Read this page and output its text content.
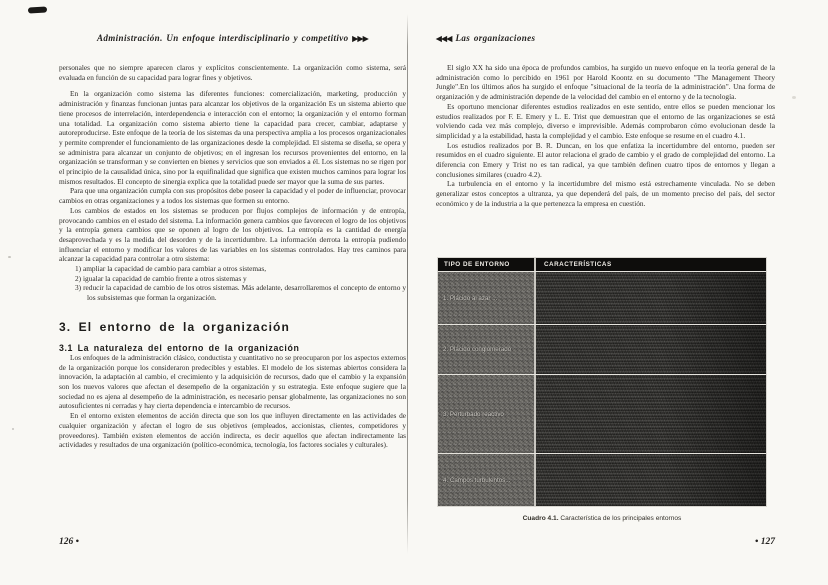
Administración. Un enfoque interdisciplinario y competitivo ▶▶▶

personales que no siempre aparecen claros y explícitos conscientemente. La organización como sistema, será evaluada en función de su capacidad para lograr fines y objetivos.

En la organización como sistema las diferentes funciones: comercialización, marketing, producción y administración y finanzas funcionan juntas para alcanzar los objetivos de la organización Es un sistema abierto que tiene procesos de interrelación, interdependencia e interacción con el entorno; la organización y el entorno forman una totalidad. La organización como sistema abierto tiene la capacidad para crecer, cambiar, adaptarse y autoreproducirse. Este enfoque de la teoría de los sistemas da una perspectiva amplia a los procesos organizacionales y permite comprender el funcionamiento de las organizaciones desde la complejidad. El sistema se diseña, se opera y se administra para alcanzar un conjunto de objetivos; en el ingresan los recursos provenientes del entorno, en la organización se transforman y se convierten en bienes y servicios que son enviados a él. Los sistemas no se rigen por el principio de la causalidad única, sino por la equifinalidad que significa que existen muchos caminos para lograr los mismos resultados. El concepto de sinergia explica que la totalidad puede ser mayor que la suma de sus partes.

Para que una organización cumpla con sus propósitos debe poseer la capacidad y el poder de influenciar, provocar cambios en otras organizaciones y a todos los sistemas que formen su entorno.

Los cambios de estados en los sistemas se producen por flujos complejos de información y de entropía, provocando cambios en el estado del sistema. La información genera cambios que favorecen el logro de los objetivos y la entropía genera cambios que se oponen al logro de los objetivos. La entropía es la cantidad de energía desaprovechada y es la medida del desorden y de la incertidumbre. La información derrota la entropía pudiendo influenciar el entorno y modificar los valores de las variables en los sistemas controlados. Hay tres caminos para alcanzar la capacidad para controlar a otro sistema:

1) ampliar la capacidad de cambio para cambiar a otros sistemas,
2) igualar la capacidad de cambio frente a otros sistemas y
3) reducir la capacidad de cambio de los otros sistemas. Más adelante, desarrollaremos el concepto de entorno y los subsistemas que forman la organización.
3. El entorno de la organización
3.1 La naturaleza del entorno de la organización

Los enfoques de la administración clásico, conductista y cuantitativo no se preocuparon por los aspectos externos de la organización porque los consideraron predecibles y estables. El modelo de los sistemas abiertos considera la innovación, la adaptación al cambio, el crecimiento y la adquisición de recursos, dado que el cambio y la expansión son los nuevos valores que afectan el desempeño de la organización y su estrategia. Este enfoque sugiere que la sociedad no es ajena al desempeño de la administración, es necesario pensar globalmente, las organizaciones no son autosuficientes ni cerradas y hay cierta dependencia e intercambio de recursos.

En el entorno existen elementos de acción directa que son los que influyen directamente en las actividades de cualquier organización y afectan el logro de sus objetivos (empleados, accionistas, clientes, competidores y proveedores). También existen elementos de acción indirecta, es decir aquellos que afectan indirectamente las actividades y resultados de una organización (político-económica, tecnología, los factores sociales y culturales).

◀◀◀ Las organizaciones

El siglo XX ha sido una época de profundos cambios, ha surgido un nuevo enfoque en la teoría general de la administración como lo percibido en 1961 por Harold Koontz en su documento "The Management Theory Jungle".En los últimos años ha surgido el enfoque "situacional de la teoría de la administración". Una forma de organización y de administración depende de la velocidad del cambio en el entorno y de la tecnología.

Es oportuno mencionar diferentes estudios realizados en este sentido, entre ellos se pueden mencionar los estudios realizados por F. E. Emery y L. E. Trist que demuestran que el entorno de las organizaciones se está volviendo cada vez más complejo, diverso e imprevisible. Además comprobaron cómo evolucionan desde la simplicidad y a la estabilidad, hasta la complejidad y el cambio. Este enfoque se resume en el cuadro 4.1.

Los estudios realizados por B. R. Duncan, en los que enfatiza la incertidumbre del entorno, pueden ser resumidos en el cuadro siguiente. El autor relaciona el grado de cambio y el grado de complejidad del entorno. La diferencia con Emery y Trist no es tan radical, ya que también definen cuatro tipos de entornos y llegan a conclusiones similares (cuadro 4.2).

La turbulencia en el entorno y la incertidumbre del mismo está estrechamente vinculada. No se deben generalizar estos conceptos a ultranza, ya que dependerá del país, de un momento preciso del país, del sector económico y de la industria a la que pertenezca la empresa en cuestión.

TIPO DE ENTORNO	CARACTERÍSTICAS
1. Plácido al azar ...
2. Plácido conglomerado
3. Perturbado reactivo
4. Campos turbulentos...
Cuadro 4.1. Característica de los principales entornos
126 •	• 127
